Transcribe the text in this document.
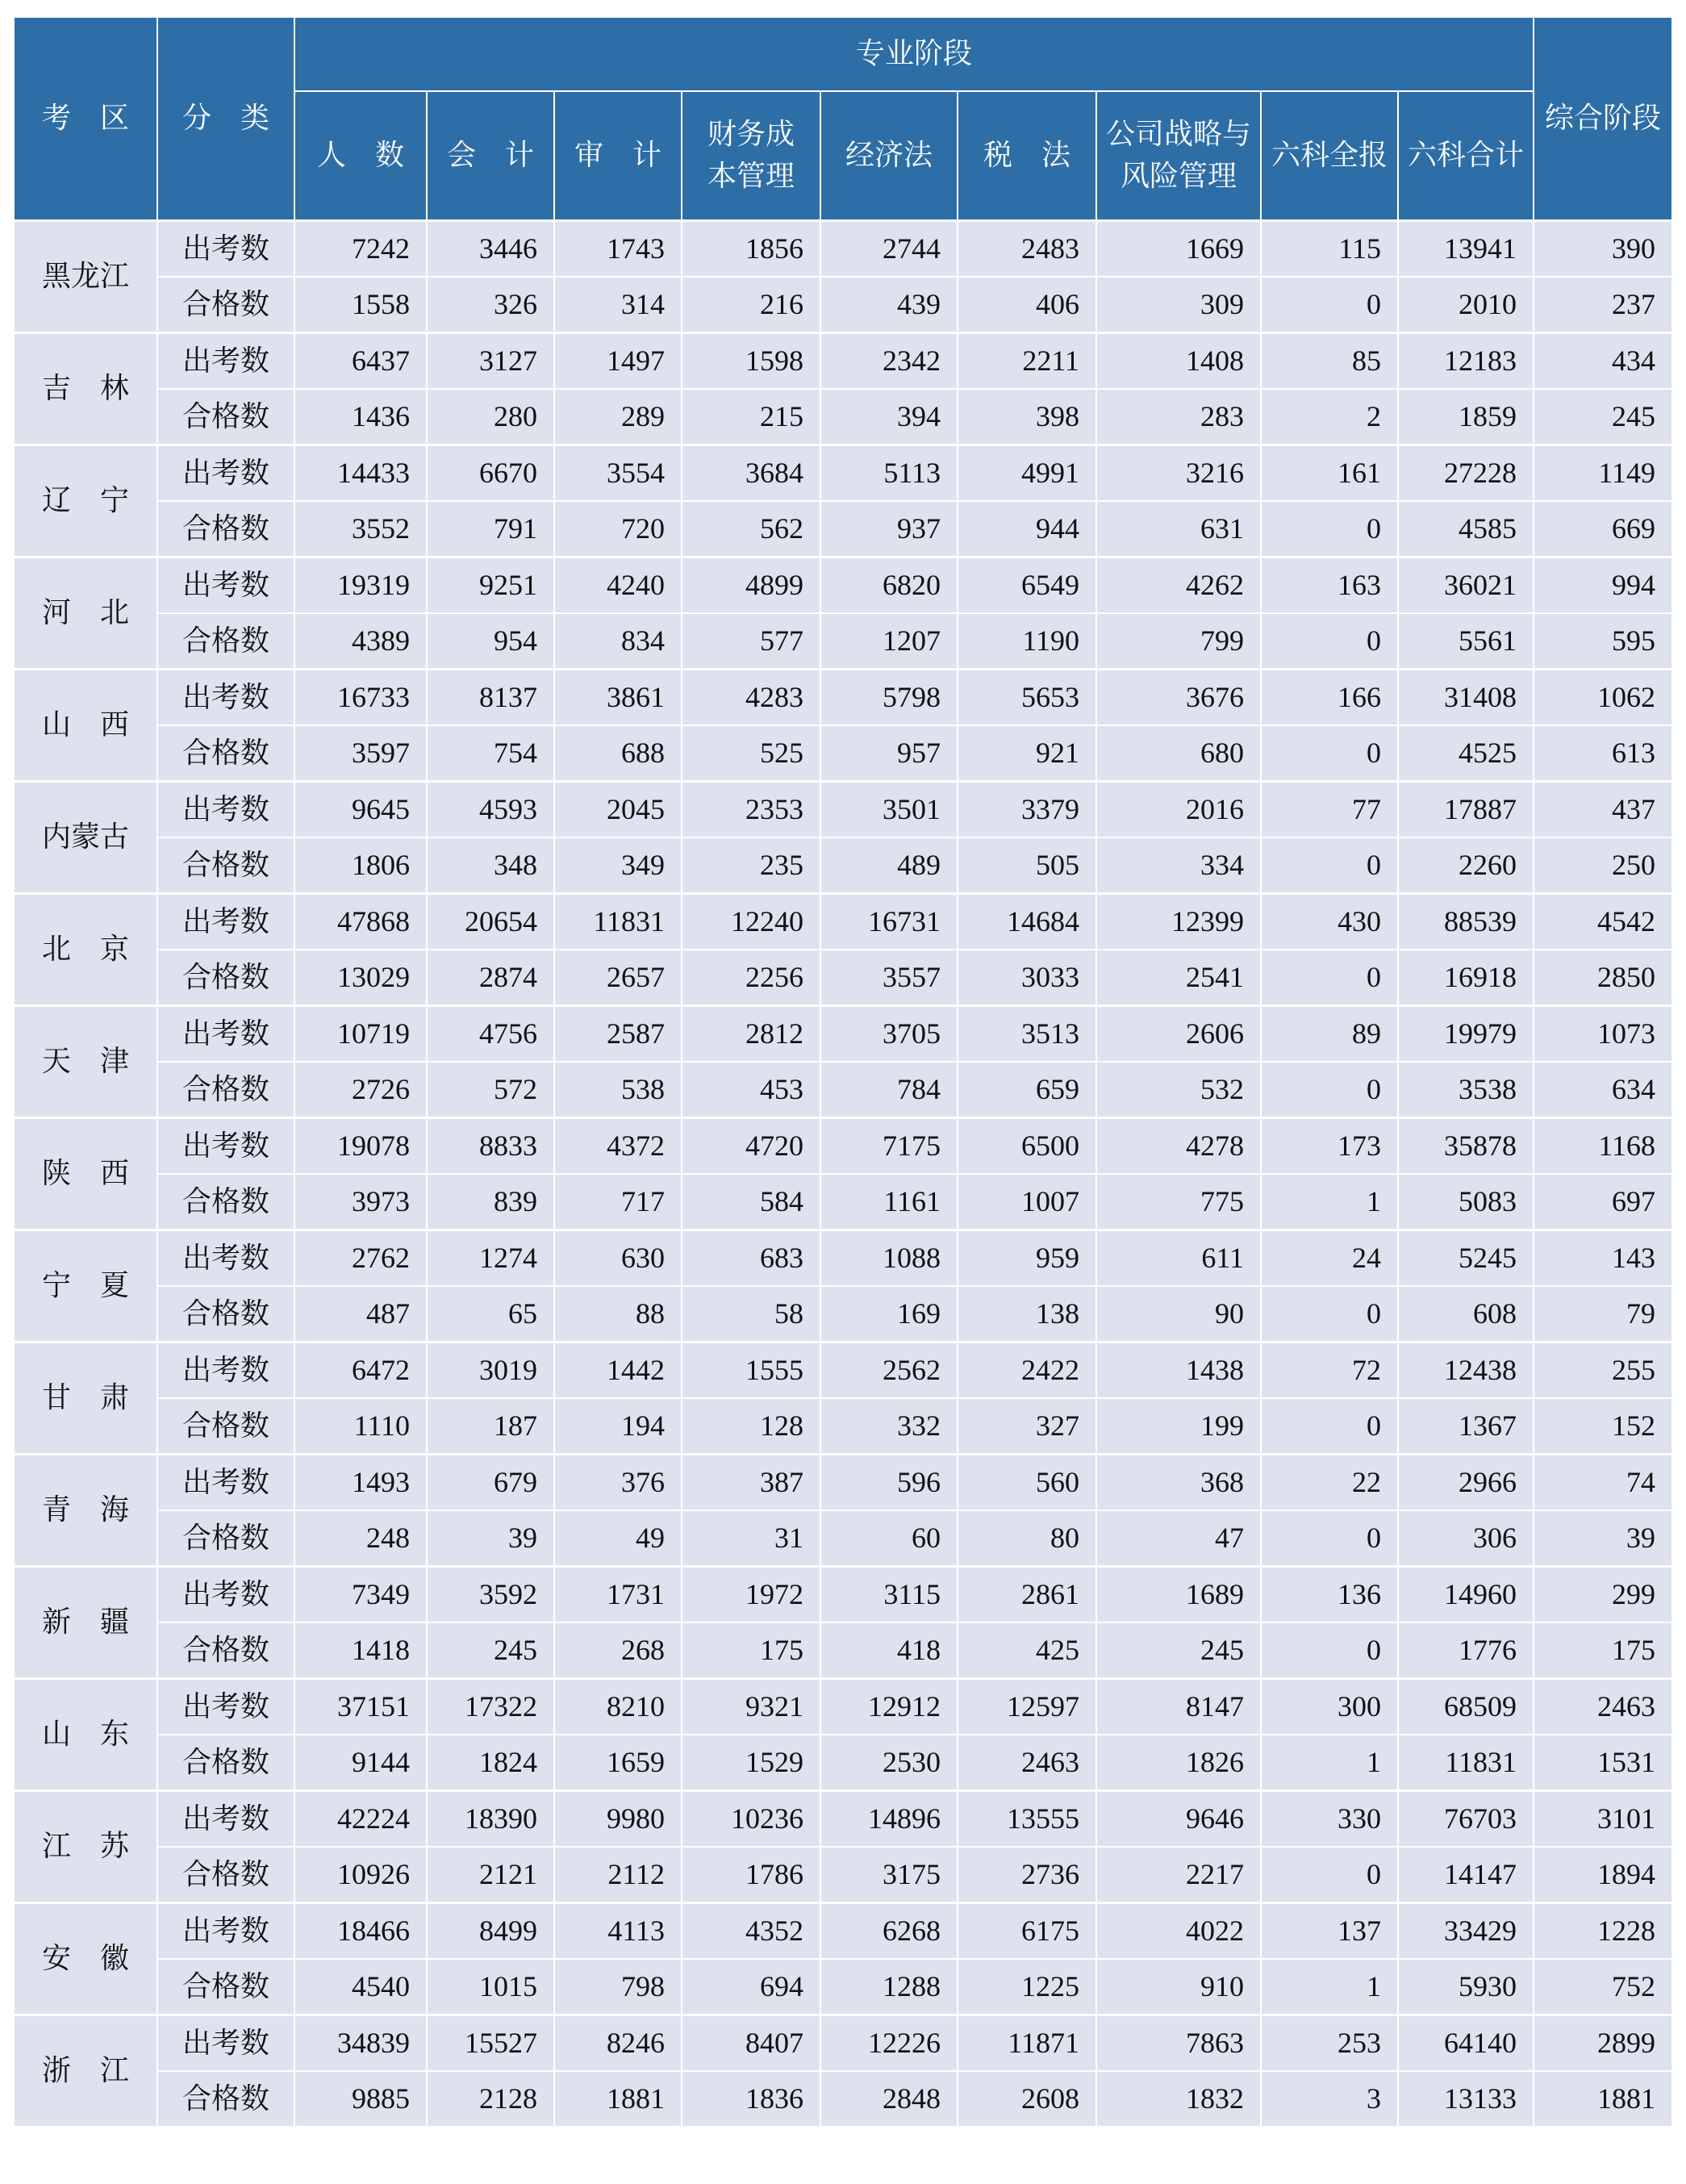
考　区	分　类	专业阶段									综合阶段
		人　数	会　计	审　计	财务成本管理	经济法	税　法	公司战略与风险管理	六科全报	六科合计	
黑龙江	出考数	7242	3446	1743	1856	2744	2483	1669	115	13941	390
	合格数	1558	326	314	216	439	406	309	0	2010	237
吉　林	出考数	6437	3127	1497	1598	2342	2211	1408	85	12183	434
	合格数	1436	280	289	215	394	398	283	2	1859	245
辽　宁	出考数	14433	6670	3554	3684	5113	4991	3216	161	27228	1149
	合格数	3552	791	720	562	937	944	631	0	4585	669
河　北	出考数	19319	9251	4240	4899	6820	6549	4262	163	36021	994
	合格数	4389	954	834	577	1207	1190	799	0	5561	595
山　西	出考数	16733	8137	3861	4283	5798	5653	3676	166	31408	1062
	合格数	3597	754	688	525	957	921	680	0	4525	613
内蒙古	出考数	9645	4593	2045	2353	3501	3379	2016	77	17887	437
	合格数	1806	348	349	235	489	505	334	0	2260	250
北　京	出考数	47868	20654	11831	12240	16731	14684	12399	430	88539	4542
	合格数	13029	2874	2657	2256	3557	3033	2541	0	16918	2850
天　津	出考数	10719	4756	2587	2812	3705	3513	2606	89	19979	1073
	合格数	2726	572	538	453	784	659	532	0	3538	634
陕　西	出考数	19078	8833	4372	4720	7175	6500	4278	173	35878	1168
	合格数	3973	839	717	584	1161	1007	775	1	5083	697
宁　夏	出考数	2762	1274	630	683	1088	959	611	24	5245	143
	合格数	487	65	88	58	169	138	90	0	608	79
甘　肃	出考数	6472	3019	1442	1555	2562	2422	1438	72	12438	255
	合格数	1110	187	194	128	332	327	199	0	1367	152
青　海	出考数	1493	679	376	387	596	560	368	22	2966	74
	合格数	248	39	49	31	60	80	47	0	306	39
新　疆	出考数	7349	3592	1731	1972	3115	2861	1689	136	14960	299
	合格数	1418	245	268	175	418	425	245	0	1776	175
山　东	出考数	37151	17322	8210	9321	12912	12597	8147	300	68509	2463
	合格数	9144	1824	1659	1529	2530	2463	1826	1	11831	1531
江　苏	出考数	42224	18390	9980	10236	14896	13555	9646	330	76703	3101
	合格数	10926	2121	2112	1786	3175	2736	2217	0	14147	1894
安　徽	出考数	18466	8499	4113	4352	6268	6175	4022	137	33429	1228
	合格数	4540	1015	798	694	1288	1225	910	1	5930	752
浙　江	出考数	34839	15527	8246	8407	12226	11871	7863	253	64140	2899
	合格数	9885	2128	1881	1836	2848	2608	1832	3	13133	1881
